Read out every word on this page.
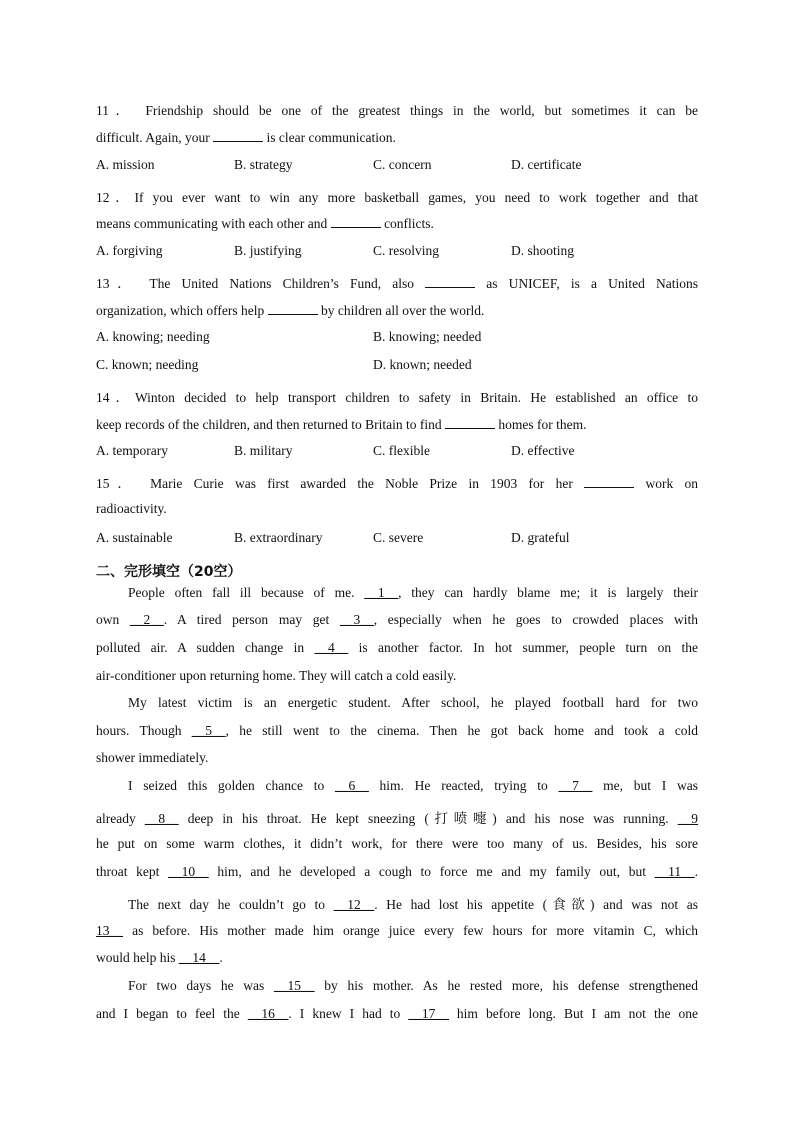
11． Friendship should be one of the greatest things in the world, but sometimes it can be
difficult. Again, your	is clear communication.
A. mission	B. strategy	C. concern	D. certificate
12．If you ever want to win any more basketball games, you need to work together and that
means communicating with each other and	conflicts.
A. forgiving	B. justifying	C. resolving	D. shooting
13． The United Nations Children’s Fund, also	as UNICEF, is a United Nations
organization, which offers help	by children all over the world.
A. knowing; needing	B. knowing; needed
C. known; needing	D. known; needed
14．Winton decided to help transport children to safety in Britain. He established an office to
keep records of the children, and then returned to Britain to find	homes for them.
A. temporary	B. military	C. flexible	D. effective
15． Marie Curie was first awarded the Noble Prize in 1903 for her	work on
radioactivity.
A. sustainable	B. extraordinary	C. severe	D. grateful
二、完形填空（20空）
People often fall ill because of me. __1__, they can hardly blame me; it is largely their
own __2__. A tired person may get __3__, especially when he goes to crowded places with
polluted air. A sudden change in __4__ is another factor. In hot summer, people turn on the
air-conditioner upon returning home. They will catch a cold easily.
My latest victim is an energetic student. After school, he played football hard for two
hours. Though __5__, he still went to the cinema. Then he got back home and took a cold
shower immediately.
I seized this golden chance to __6__ him. He reacted, trying to __7__ me, but I was
already __8__ deep in his throat. He kept sneezing (打喷嚏) and his nose was running. __9
he put on some warm clothes, it didn’t work, for there were too many of us. Besides, his sore
throat kept __10__ him, and he developed a cough to force me and my family out, but __11__.
The next day he couldn’t go to __12__. He had lost his appetite (食欲) and was not as
13__ as before. His mother made him orange juice every few hours for more vitamin C, which
would help his __14__.
For two days he was __15__ by his mother. As he rested more, his defense strengthened
and I began to feel the __16__. I knew I had to __17__ him before long. But I am not the one
